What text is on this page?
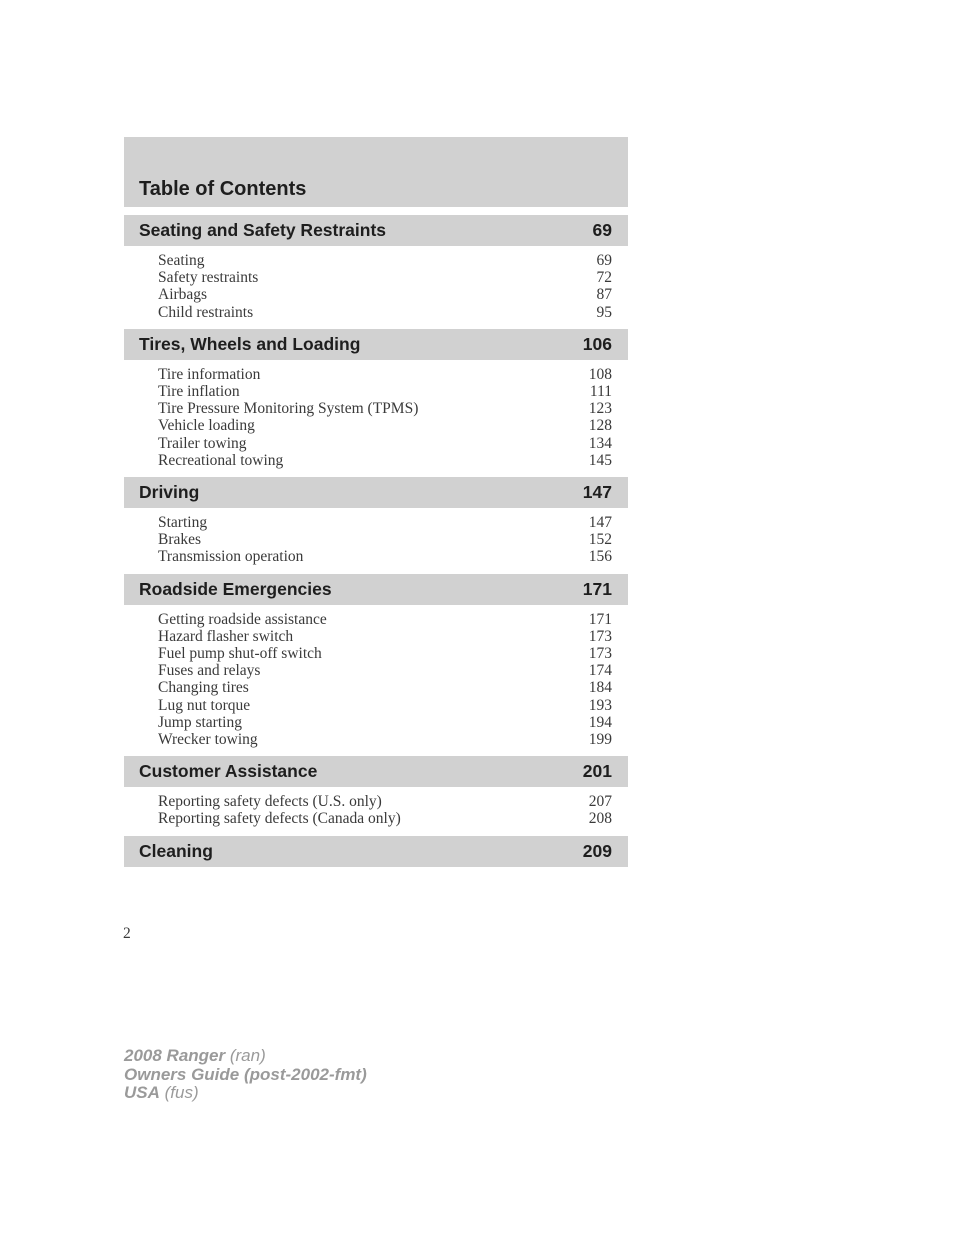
Table of Contents
Seating and Safety Restraints	69
Seating	69
Safety restraints	72
Airbags	87
Child restraints	95
Tires, Wheels and Loading	106
Tire information	108
Tire inflation	111
Tire Pressure Monitoring System (TPMS)	123
Vehicle loading	128
Trailer towing	134
Recreational towing	145
Driving	147
Starting	147
Brakes	152
Transmission operation	156
Roadside Emergencies	171
Getting roadside assistance	171
Hazard flasher switch	173
Fuel pump shut-off switch	173
Fuses and relays	174
Changing tires	184
Lug nut torque	193
Jump starting	194
Wrecker towing	199
Customer Assistance	201
Reporting safety defects (U.S. only)	207
Reporting safety defects (Canada only)	208
Cleaning	209
2
2008 Ranger (ran)
Owners Guide (post-2002-fmt)
USA (fus)
